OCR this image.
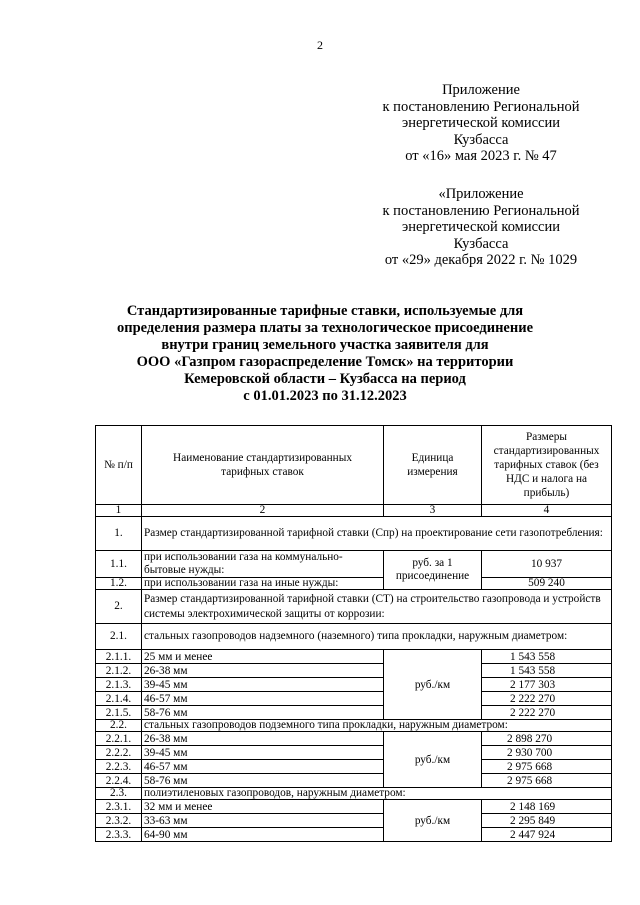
2
Приложение
к постановлению Региональной
энергетической комиссии
Кузбасса
от «16» мая 2023 г. № 47
«Приложение
к постановлению Региональной
энергетической комиссии
Кузбасса
от «29» декабря 2022 г. № 1029
Стандартизированные тарифные ставки, используемые для
определения размера платы за технологическое присоединение
внутри границ земельного участка заявителя для
ООО «Газпром газораспределение Томск» на территории
Кемеровской области – Кузбасса на период
с 01.01.2023 по 31.12.2023
№ п/п	Наименование стандартизированных тарифных ставок	Единица измерения	Размеры стандартизированных тарифных ставок (без НДС и налога на прибыль)
1	2	3	4
1.	Размер стандартизированной тарифной ставки (Cпр) на проектирование сети газопотребления:		
1.1.	при использовании газа на коммунально-бытовые нужды:	руб. за 1 присоединение	10 937
1.2.	при использовании газа на иные нужды:		509 240
2.	Размер стандартизированной тарифной ставки (CТ) на строительство газопровода и устройств системы электрохимической защиты от коррозии:		
2.1.	стальных газопроводов надземного (наземного) типа прокладки, наружным диаметром:		
2.1.1.	25 мм и менее	руб./км	1 543 558
2.1.2.	26-38 мм		1 543 558
2.1.3.	39-45 мм		2 177 303
2.1.4.	46-57 мм		2 222 270
2.1.5.	58-76 мм		2 222 270
2.2.	стальных газопроводов подземного типа прокладки, наружным диаметром:		
2.2.1.	26-38 мм	руб./км	2 898 270
2.2.2.	39-45 мм		2 930 700
2.2.3.	46-57 мм		2 975 668
2.2.4.	58-76 мм		2 975 668
2.3.	полиэтиленовых газопроводов, наружным диаметром:		
2.3.1.	32 мм и менее	руб./км	2 148 169
2.3.2.	33-63 мм		2 295 849
2.3.3.	64-90 мм		2 447 924
